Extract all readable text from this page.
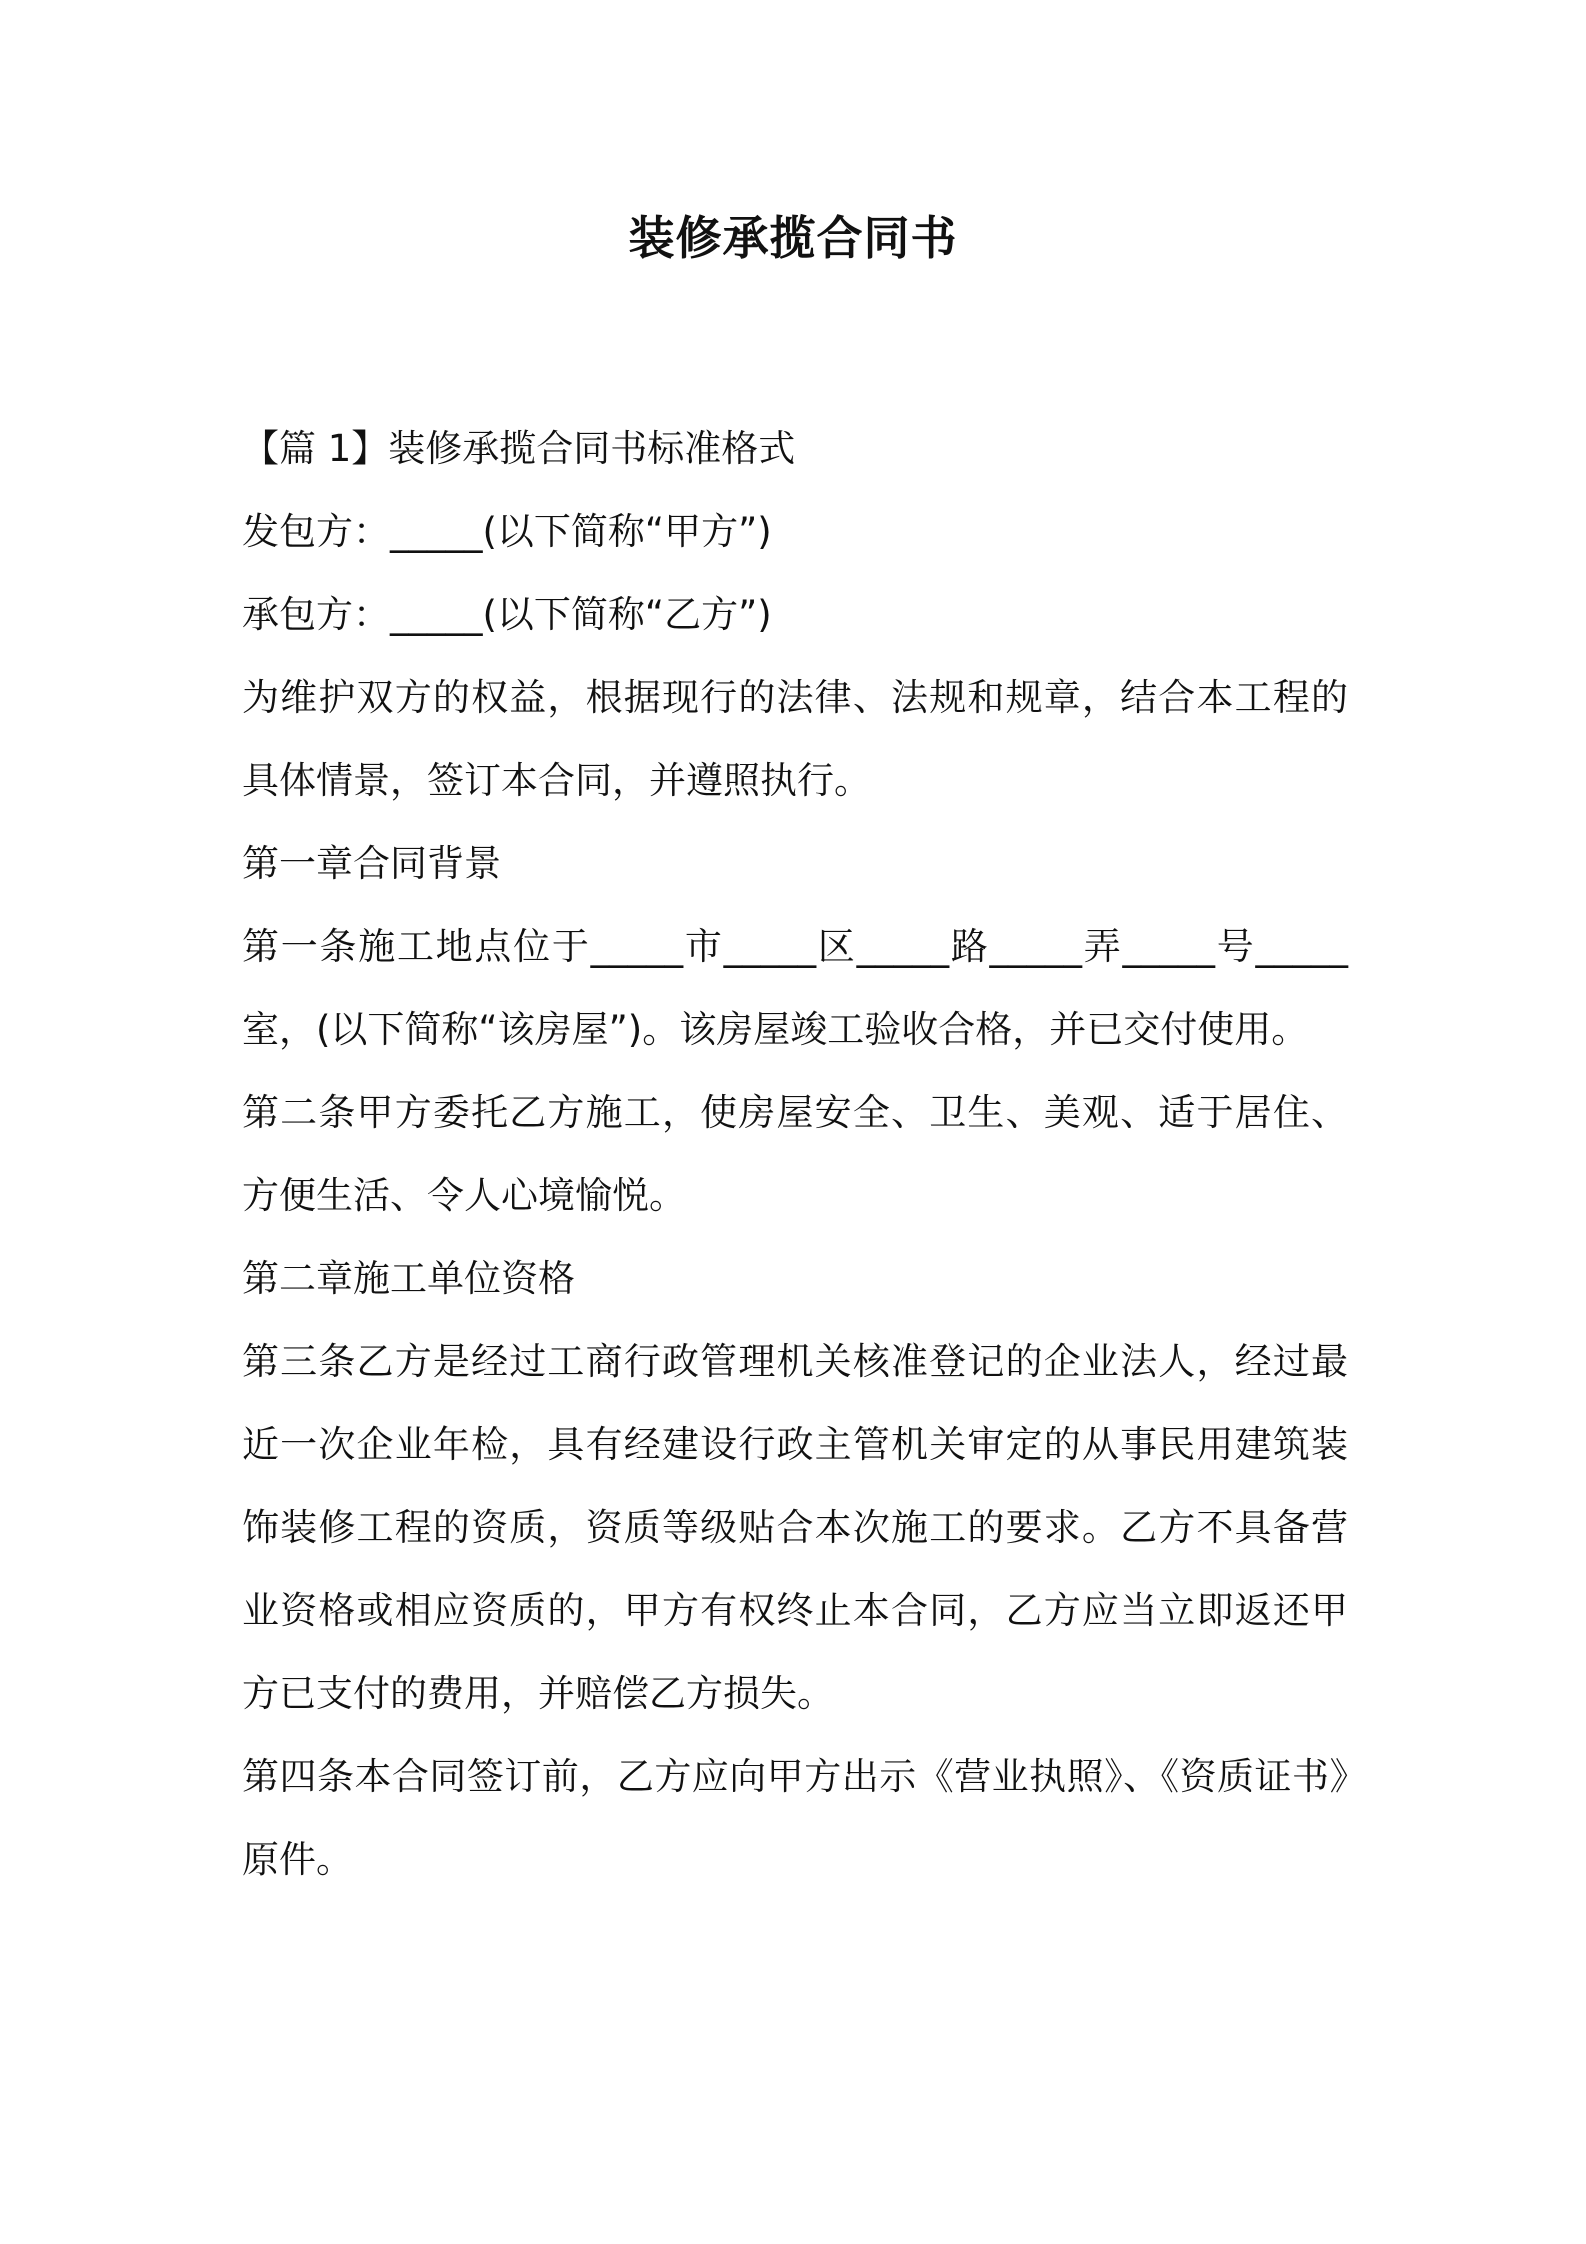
装修承揽合同书

【篇 1】装修承揽合同书标准格式

发包方：_____(以下简称“甲方”)

承包方：_____(以下简称“乙方”)

为维护双方的权益，根据现行的法律、法规和规章，结合本工程的具体情景，签订本合同，并遵照执行。

第一章合同背景

第一条施工地点位于_____市_____区_____路_____弄_____号_____室，(以下简称“该房屋”)。该房屋竣工验收合格，并已交付使用。

第二条甲方委托乙方施工，使房屋安全、卫生、美观、适于居住、方便生活、令人心境愉悦。

第二章施工单位资格

第三条乙方是经过工商行政管理机关核准登记的企业法人，经过最近一次企业年检，具有经建设行政主管机关审定的从事民用建筑装饰装修工程的资质，资质等级贴合本次施工的要求。乙方不具备营业资格或相应资质的，甲方有权终止本合同，乙方应当立即返还甲方已支付的费用，并赔偿乙方损失。

第四条本合同签订前，乙方应向甲方出示《营业执照》、《资质证书》原件。
